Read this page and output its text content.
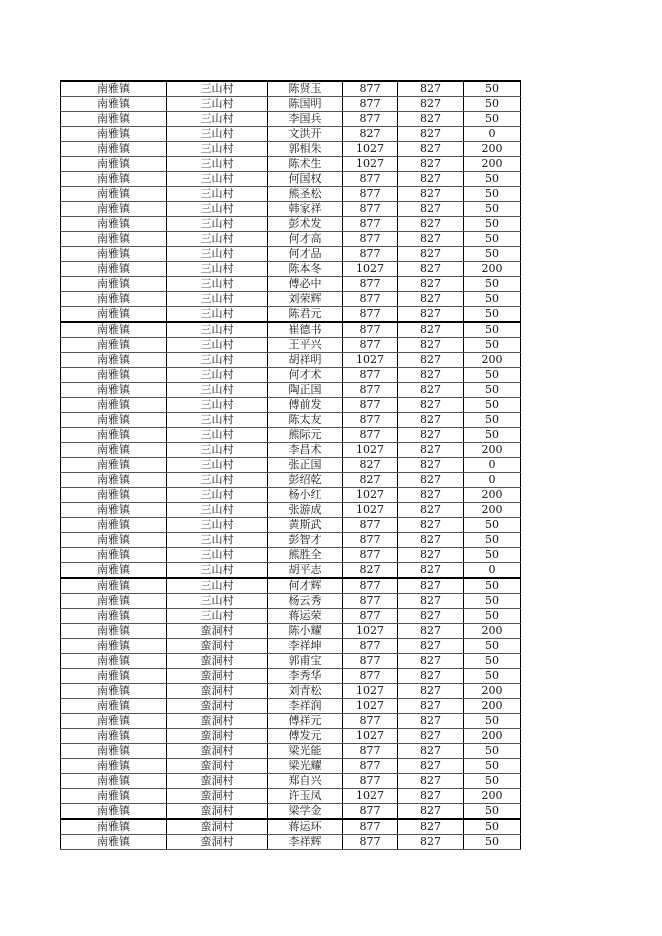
南雅镇	三山村	陈贤玉	877	827	50
南雅镇	三山村	陈国明	877	827	50
南雅镇	三山村	李国兵	877	827	50
南雅镇	三山村	文洪开	827	827	0
南雅镇	三山村	郭相朱	1027	827	200
南雅镇	三山村	陈术生	1027	827	200
南雅镇	三山村	何国权	877	827	50
南雅镇	三山村	熊圣松	877	827	50
南雅镇	三山村	韩家祥	877	827	50
南雅镇	三山村	彭术发	877	827	50
南雅镇	三山村	何才高	877	827	50
南雅镇	三山村	何才品	877	827	50
南雅镇	三山村	陈本冬	1027	827	200
南雅镇	三山村	傅必中	877	827	50
南雅镇	三山村	刘荣辉	877	827	50
南雅镇	三山村	陈君元	877	827	50
南雅镇	三山村	崔德书	877	827	50
南雅镇	三山村	王平兴	877	827	50
南雅镇	三山村	胡祥明	1027	827	200
南雅镇	三山村	何才术	877	827	50
南雅镇	三山村	陶正国	877	827	50
南雅镇	三山村	傅前发	877	827	50
南雅镇	三山村	陈太友	877	827	50
南雅镇	三山村	熊际元	877	827	50
南雅镇	三山村	李昌术	1027	827	200
南雅镇	三山村	张正国	827	827	0
南雅镇	三山村	彭绍乾	827	827	0
南雅镇	三山村	杨小红	1027	827	200
南雅镇	三山村	张游成	1027	827	200
南雅镇	三山村	黄斯武	877	827	50
南雅镇	三山村	彭智才	877	827	50
南雅镇	三山村	熊胜全	877	827	50
南雅镇	三山村	胡平志	827	827	0
南雅镇	三山村	何才辉	877	827	50
南雅镇	三山村	杨云秀	877	827	50
南雅镇	三山村	蒋运荣	877	827	50
南雅镇	蛮洞村	陈小耀	1027	827	200
南雅镇	蛮洞村	李祥坤	877	827	50
南雅镇	蛮洞村	郭甫宝	877	827	50
南雅镇	蛮洞村	李秀华	877	827	50
南雅镇	蛮洞村	刘青松	1027	827	200
南雅镇	蛮洞村	李祥润	1027	827	200
南雅镇	蛮洞村	傅祥元	877	827	50
南雅镇	蛮洞村	傅发元	1027	827	200
南雅镇	蛮洞村	梁光能	877	827	50
南雅镇	蛮洞村	梁光耀	877	827	50
南雅镇	蛮洞村	郑自兴	877	827	50
南雅镇	蛮洞村	许玉凤	1027	827	200
南雅镇	蛮洞村	梁学金	877	827	50
南雅镇	蛮洞村	蒋运环	877	827	50
南雅镇	蛮洞村	李祥辉	877	827	50
